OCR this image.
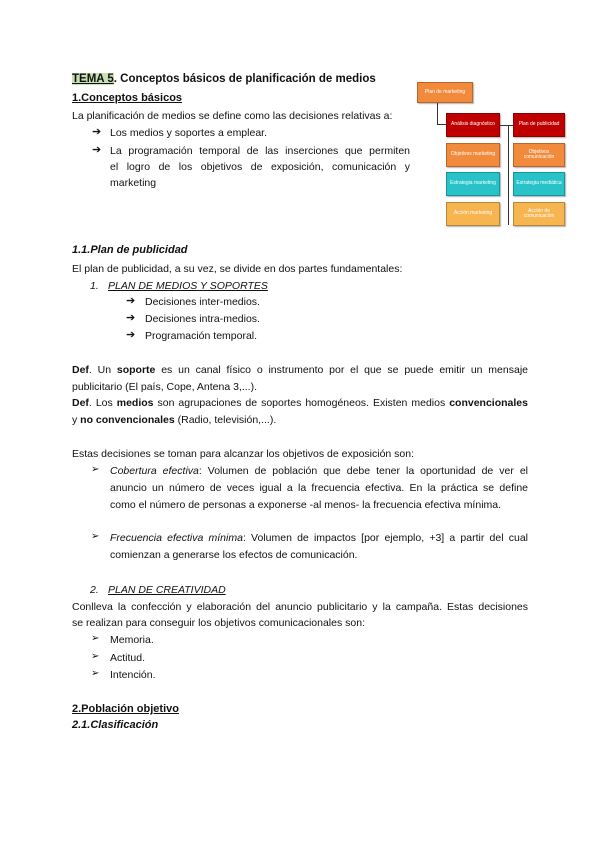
TEMA 5. Conceptos básicos de planificación de medios
1.Conceptos básicos
La planificación de medios se define como las decisiones relativas a:
➔ Los medios y soportes a emplear.
➔ La programación temporal de las inserciones que permiten
el logro de los objetivos de exposición, comunicación y
marketing
Plan de marketing
Análisis diagnóstico
Objetivos marketing
Estrategia marketing
Acción marketing
Plan de publicidad
Objetivos comunicación
Estrategia mediática
Acción de comunicación
1.1.Plan de publicidad
El plan de publicidad, a su vez, se divide en dos partes fundamentales:
1. PLAN DE MEDIOS Y SOPORTES
➔ Decisiones inter-medios.
➔ Decisiones intra-medios.
➔ Programación temporal.
Def. Un soporte es un canal físico o instrumento por el que se puede emitir un mensaje
publicitario (El país, Cope, Antena 3,...).
Def. Los medios son agrupaciones de soportes homogéneos. Existen medios convencionales
y no convencionales (Radio, televisión,...).
Estas decisiones se toman para alcanzar los objetivos de exposición son:
➢ Cobertura efectiva: Volumen de población que debe tener la oportunidad de ver el
anuncio un número de veces igual a la frecuencia efectiva. En la práctica se define
como el número de personas a exponerse -al menos- la frecuencia efectiva mínima.
➢ Frecuencia efectiva mínima: Volumen de impactos [por ejemplo, +3] a partir del cual
comienzan a generarse los efectos de comunicación.
2. PLAN DE CREATIVIDAD
Conlleva la confección y elaboración del anuncio publicitario y la campaña. Estas decisiones
se realizan para conseguir los objetivos comunicacionales son:
➢ Memoria.
➢ Actitud.
➢ Intención.
2.Población objetivo
2.1.Clasificación
